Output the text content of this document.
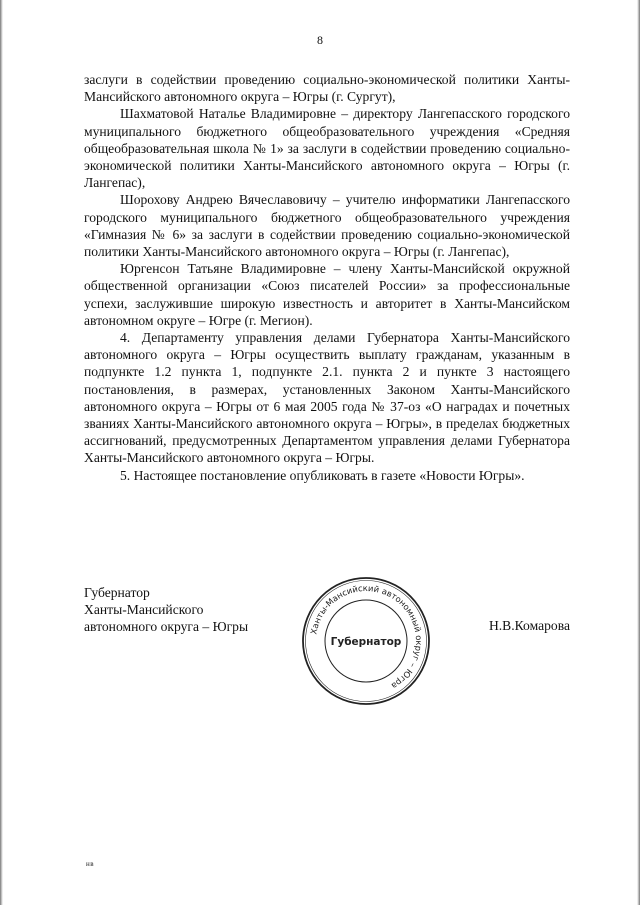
8

заслуги в содействии проведению социально-экономической политики Ханты-Мансийского автономного округа – Югры (г. Сургут),

Шахматовой Наталье Владимировне – директору Лангепасского городского муниципального бюджетного общеобразовательного учреждения «Средняя общеобразовательная школа № 1» за заслуги в содействии проведению социально-экономической политики Ханты-Мансийского автономного округа – Югры (г. Лангепас),

Шорохову Андрею Вячеславовичу – учителю информатики Лангепасского городского муниципального бюджетного общеобразовательного учреждения «Гимназия № 6» за заслуги в содействии проведению социально-экономической политики Ханты-Мансийского автономного округа – Югры (г. Лангепас),

Юргенсон Татьяне Владимировне – члену Ханты-Мансийской окружной общественной организации «Союз писателей России» за профессиональные успехи, заслужившие широкую известность и авторитет в Ханты-Мансийском автономном округе – Югре (г. Мегион).

4. Департаменту управления делами Губернатора Ханты-Мансийского автономного округа – Югры осуществить выплату гражданам, указанным в подпункте 1.2 пункта 1, подпункте 2.1. пункта 2 и пункте 3 настоящего постановления, в размерах, установленных Законом Ханты-Мансийского автономного округа – Югры от 6 мая 2005 года № 37-оз «О наградах и почетных званиях Ханты-Мансийского автономного округа – Югры», в пределах бюджетных ассигнований, предусмотренных Департаментом управления делами Губернатора Ханты-Мансийского автономного округа – Югры.

5. Настоящее постановление опубликовать в газете «Новости Югры».

Губернатор
Ханты-Мансийского
автономного округа – Югры	Ханты-Мансийский автономный округ – Югра
Губернатор
Н.В.Комарова
нв
